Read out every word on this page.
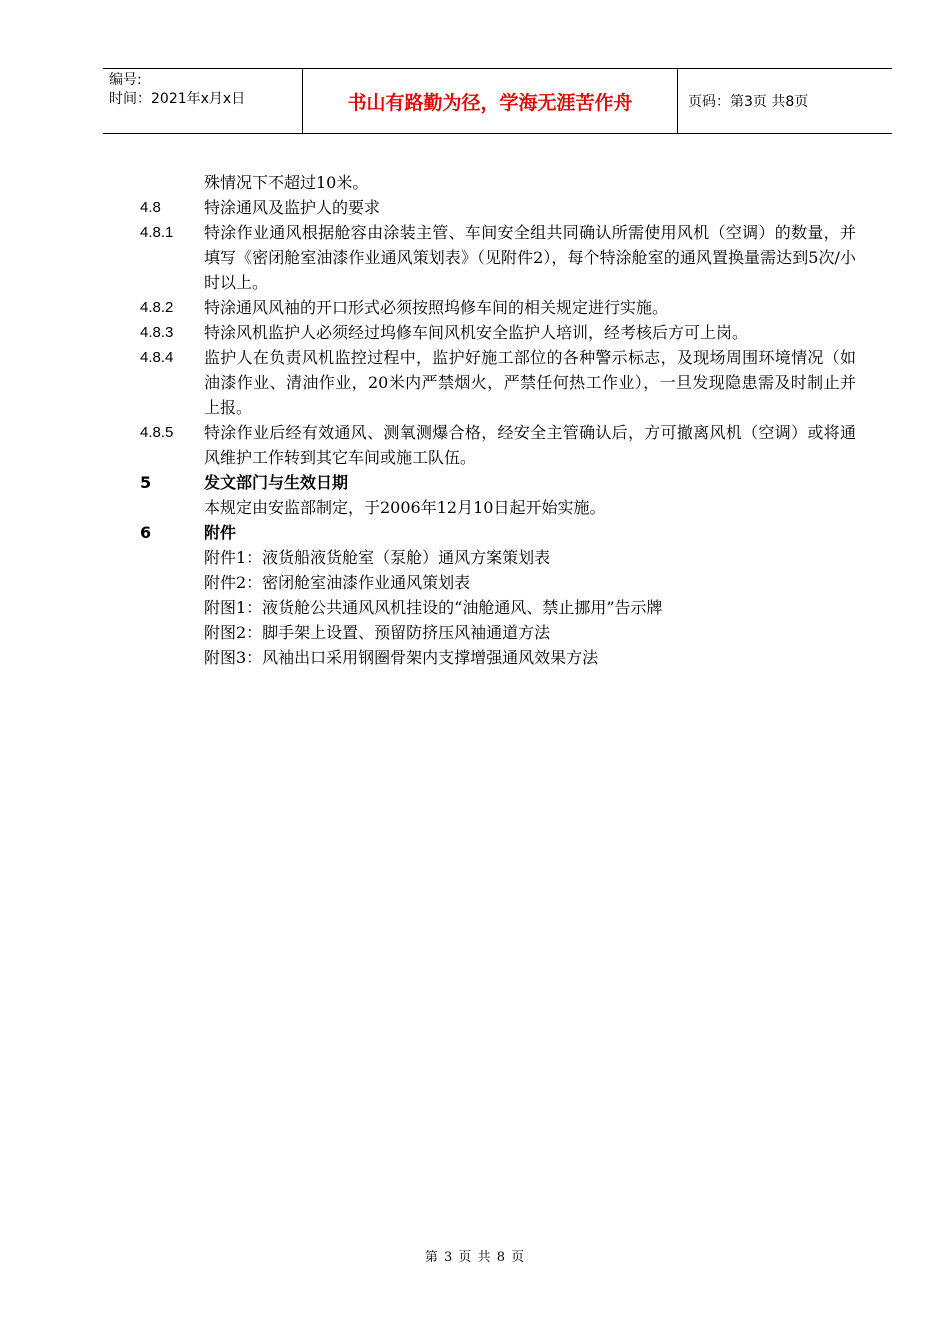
编号:
时间：2021年x月x日	书山有路勤为径，学海无涯苦作舟	页码：第3页 共8页
殊情况下不超过10米。
4.8	特涂通风及监护人的要求
4.8.1	特涂作业通风根据舱容由涂装主管、车间安全组共同确认所需使用风机（空调）的数量，并填写《密闭舱室油漆作业通风策划表》（见附件2），每个特涂舱室的通风置换量需达到5次/小时以上。
4.8.2	特涂通风风袖的开口形式必须按照坞修车间的相关规定进行实施。
4.8.3	特涂风机监护人必须经过坞修车间风机安全监护人培训，经考核后方可上岗。
4.8.4	监护人在负责风机监控过程中，监护好施工部位的各种警示标志，及现场周围环境情况（如油漆作业、清油作业，20米内严禁烟火，严禁任何热工作业），一旦发现隐患需及时制止并上报。
4.8.5	特涂作业后经有效通风、测氧测爆合格，经安全主管确认后，方可撤离风机（空调）或将通风维护工作转到其它车间或施工队伍。
5	发文部门与生效日期
本规定由安监部制定，于2006年12月10日起开始实施。
6	附件
附件1：液货船液货舱室（泵舱）通风方案策划表
附件2：密闭舱室油漆作业通风策划表
附图1：液货舱公共通风风机挂设的“油舱通风、禁止挪用”告示牌
附图2：脚手架上设置、预留防挤压风袖通道方法
附图3：风袖出口采用钢圈骨架内支撑增强通风效果方法
第 3 页 共 8 页
